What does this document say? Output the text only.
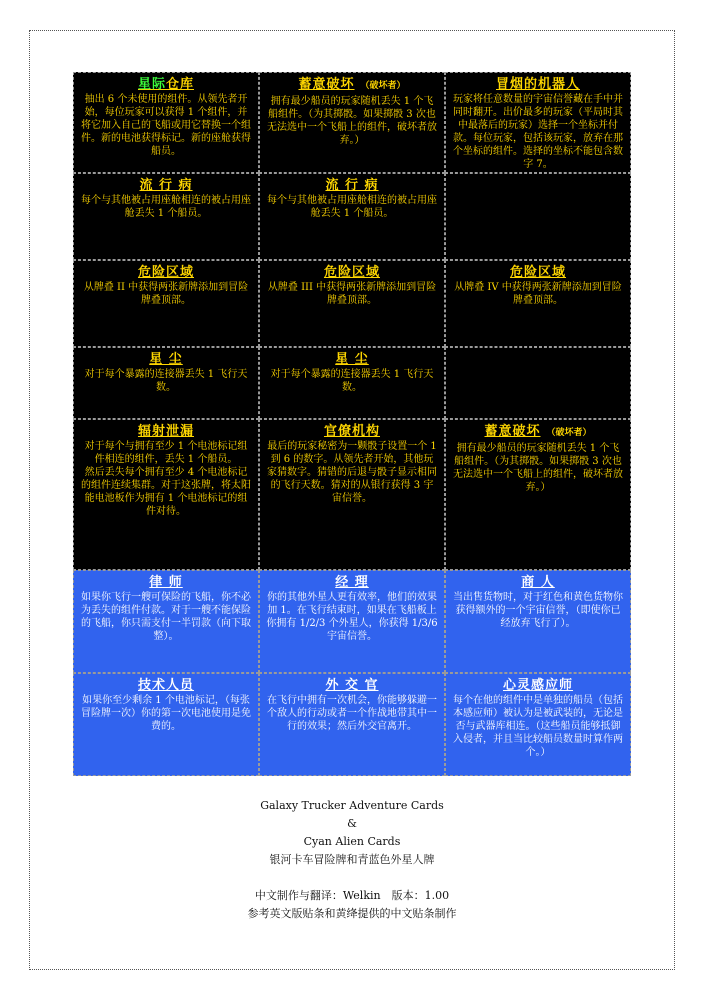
星际仓库
抽出 6 个未使用的组件。从领先者开始，每位玩家可以获得 1 个组件，并将它加入自己的飞船或用它替换一个组件。新的电池获得标记。新的座舱获得船员。
蓄意破坏 （破坏者）
拥有最少船员的玩家随机丢失 1 个飞船组件。（为其掷骰。如果掷骰 3 次也无法选中一个飞船上的组件，破坏者放弃。）
冒烟的机器人
玩家将任意数量的宇宙信誉藏在手中并同时翻开。出价最多的玩家（平局时其中最落后的玩家）选择一个坐标并付款。每位玩家，包括该玩家，放弃在那个坐标的组件。选择的坐标不能包含数字 7。
流 行 病
每个与其他被占用座舱相连的被占用座舱丢失 1 个船员。
流 行 病
每个与其他被占用座舱相连的被占用座舱丢失 1 个船员。
危险区域
从牌叠 II 中获得两张新牌添加到冒险牌叠顶部。
危险区域
从牌叠 III 中获得两张新牌添加到冒险牌叠顶部。
危险区域
从牌叠 IV 中获得两张新牌添加到冒险牌叠顶部。
星 尘
对于每个暴露的连接器丢失 1 飞行天数。
星 尘
对于每个暴露的连接器丢失 1 飞行天数。
辐射泄漏
对于每个与拥有至少 1 个电池标记组件相连的组件，丢失 1 个船员。
然后丢失每个拥有至少 4 个电池标记的组件连续集群。对于这张牌，将太阳能电池板作为拥有 1 个电池标记的组件对待。
官僚机构
最后的玩家秘密为一颗骰子设置一个 1 到 6 的数字。从领先者开始，其他玩家猜数字。猜错的后退与骰子显示相同的飞行天数。猜对的从银行获得 3 宇宙信誉。
蓄意破坏 （破坏者）
拥有最少船员的玩家随机丢失 1 个飞船组件。（为其掷骰。如果掷骰 3 次也无法选中一个飞船上的组件，破坏者放弃。）
律 师
如果你飞行一艘可保险的飞船，你不必为丢失的组件付款。对于一艘不能保险的飞船，你只需支付一半罚款（向下取整）。
经 理
你的其他外星人更有效率，他们的效果加 1。在飞行结束时，如果在飞船板上你拥有 1/2/3 个外星人，你获得 1/3/6 宇宙信誉。
商 人
当出售货物时，对于红色和黄色货物你获得额外的一个宇宙信誉，（即使你已经放弃飞行了）。
技术人员
如果你至少剩余 1 个电池标记，（每张冒险牌一次）你的第一次电池使用是免费的。
外 交 官
在飞行中拥有一次机会，你能够躲避一个敌人的行动或者一个作战地带其中一行的效果；然后外交官离开。
心灵感应师
每个在他的组件中是单独的船员（包括本感应师）被认为是被武装的，无论是否与武器库相连。（这些船员能够抵御入侵者，并且当比较船员数量时算作两个。）
Galaxy Trucker Adventure Cards
&
Cyan Alien Cards
银河卡车冒险牌和青蓝色外星人牌
中文制作与翻译：Welkin　版本：1.00
参考英文版贴条和黄绛提供的中文贴条制作
